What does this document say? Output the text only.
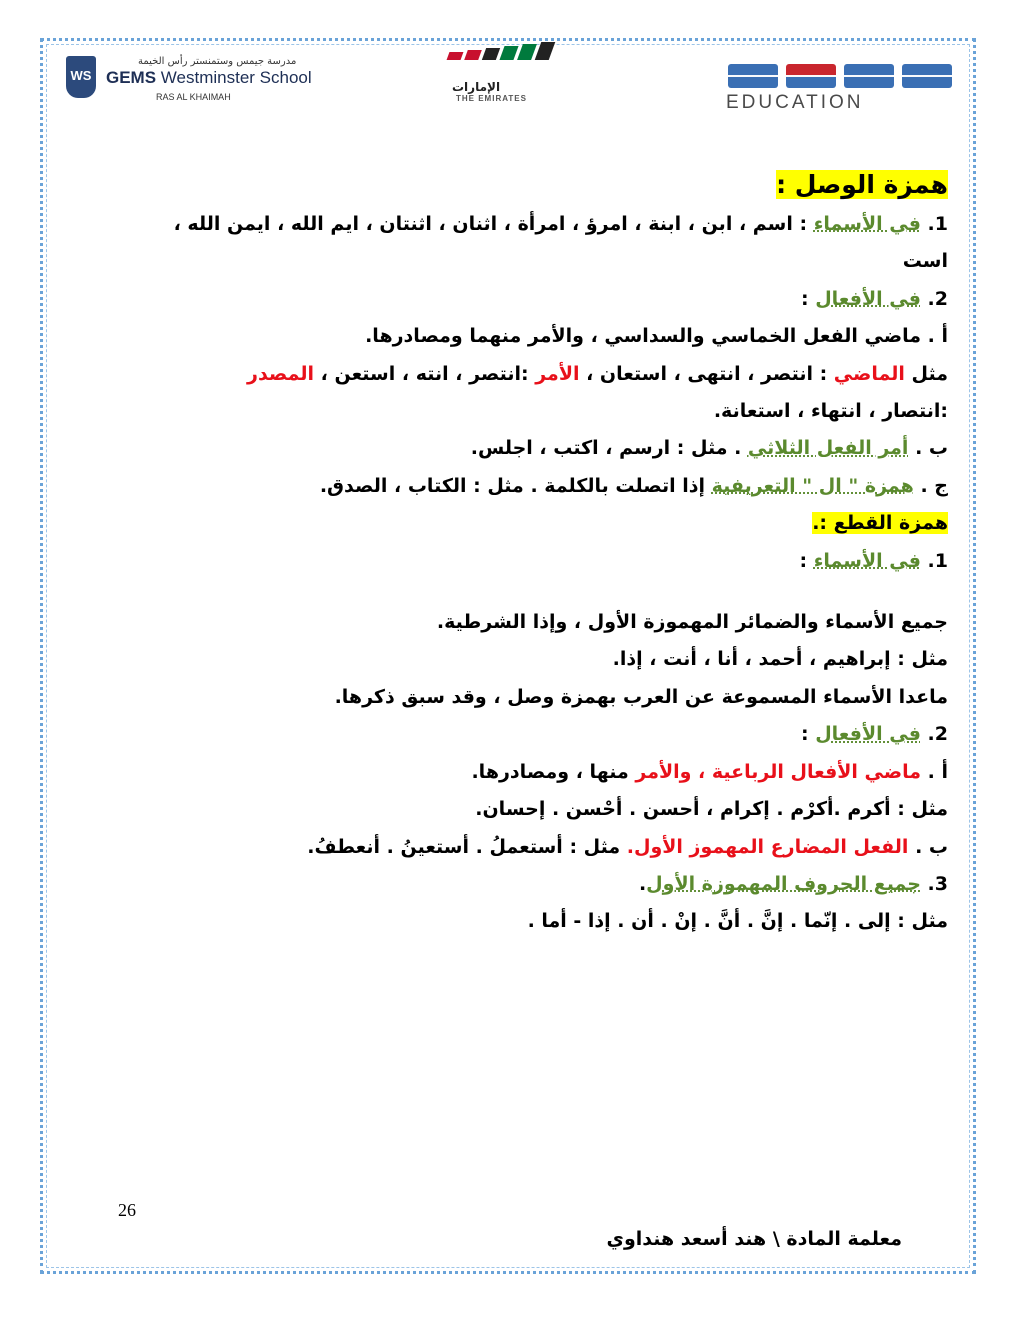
WS
مدرسة جيمس وستمنستر رأس الخيمة
GEMS Westminster School
RAS AL KHAIMAH
الإمارات
THE EMIRATES	EDUCATION
همزة الوصل :
1. في الأسماء : اسم ، ابن ، ابنة ، امرؤ ، امرأة ، اثنان ، اثنتان ، ايم الله ، ايمن الله ،
است
2. في الأفعال :
أ . ماضي الفعل الخماسي والسداسي ، والأمر منهما ومصادرها.
مثل الماضي : انتصر ، انتهى ، استعان ، الأمر :انتصر ، انته ، استعن ، المصدر
:انتصار ، انتهاء ، استعانة.
ب . أمر الفعل الثلاثي . مثل : ارسم ، اكتب ، اجلس.
ج . همزة " ال " التعريفية إذا اتصلت بالكلمة . مثل : الكتاب ، الصدق.
همزة القطع :.
1. في الأسماء :
جميع الأسماء والضمائر المهموزة الأول ، وإذا الشرطية.
مثل : إبراهيم ، أحمد ، أنا ، أنت ، إذا.
ماعدا الأسماء المسموعة عن العرب بهمزة وصل ، وقد سبق ذكرها.
2. في الأفعال :
أ . ماضي الأفعال الرباعية ، والأمر منها ، ومصادرها.
مثل : أكرم .أكرْم . إكرام ، أحسن . أحْسن . إحسان.
ب . الفعل المضارع المهموز الأول. مثل : أستعملُ . أستعينُ . أنعطفُ.
3. جميع الحروف المهموزة الأول.
مثل : إلى . إنّما . إنَّ . أنَّ . إنْ . أن . إذا - أما .
26
معلمة المادة \ هند أسعد هنداوي
